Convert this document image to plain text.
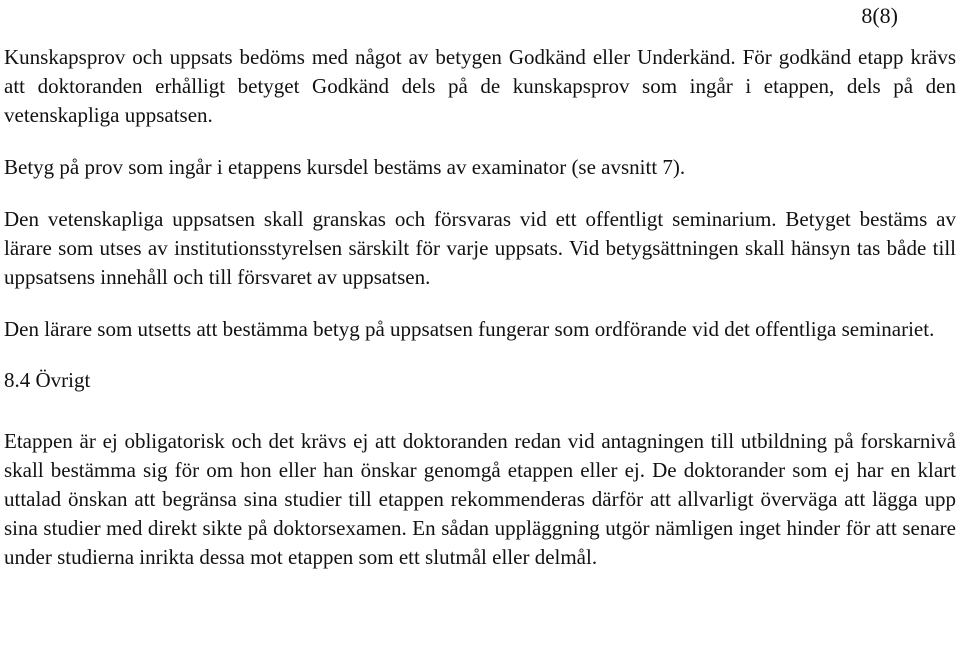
8(8)

Kunskapsprov och uppsats bedöms med något av betygen Godkänd eller Underkänd. För godkänd etapp krävs att doktoranden erhålligt betyget Godkänd dels på de kunskapsprov som ingår i etappen, dels på den vetenskapliga uppsatsen.

Betyg på prov som ingår i etappens kursdel bestäms av examinator (se avsnitt 7).

Den vetenskapliga uppsatsen skall granskas och försvaras vid ett offentligt seminarium. Betyget bestäms av lärare som utses av institutionsstyrelsen särskilt för varje uppsats. Vid betygsättningen skall hänsyn tas både till uppsatsens innehåll och till försvaret av uppsatsen.

Den lärare som utsetts att bestämma betyg på uppsatsen fungerar som ordförande vid det offentliga seminariet.

8.4 Övrigt

Etappen är ej obligatorisk och det krävs ej att doktoranden redan vid antagningen till utbildning på forskarnivå skall bestämma sig för om hon eller han önskar genomgå etappen eller ej. De doktorander som ej har en klart uttalad önskan att begränsa sina studier till etappen rekommenderas därför att allvarligt överväga att lägga upp sina studier med direkt sikte på doktorsexamen. En sådan uppläggning utgör nämligen inget hinder för att senare under studierna inrikta dessa mot etappen som ett slutmål eller delmål.
